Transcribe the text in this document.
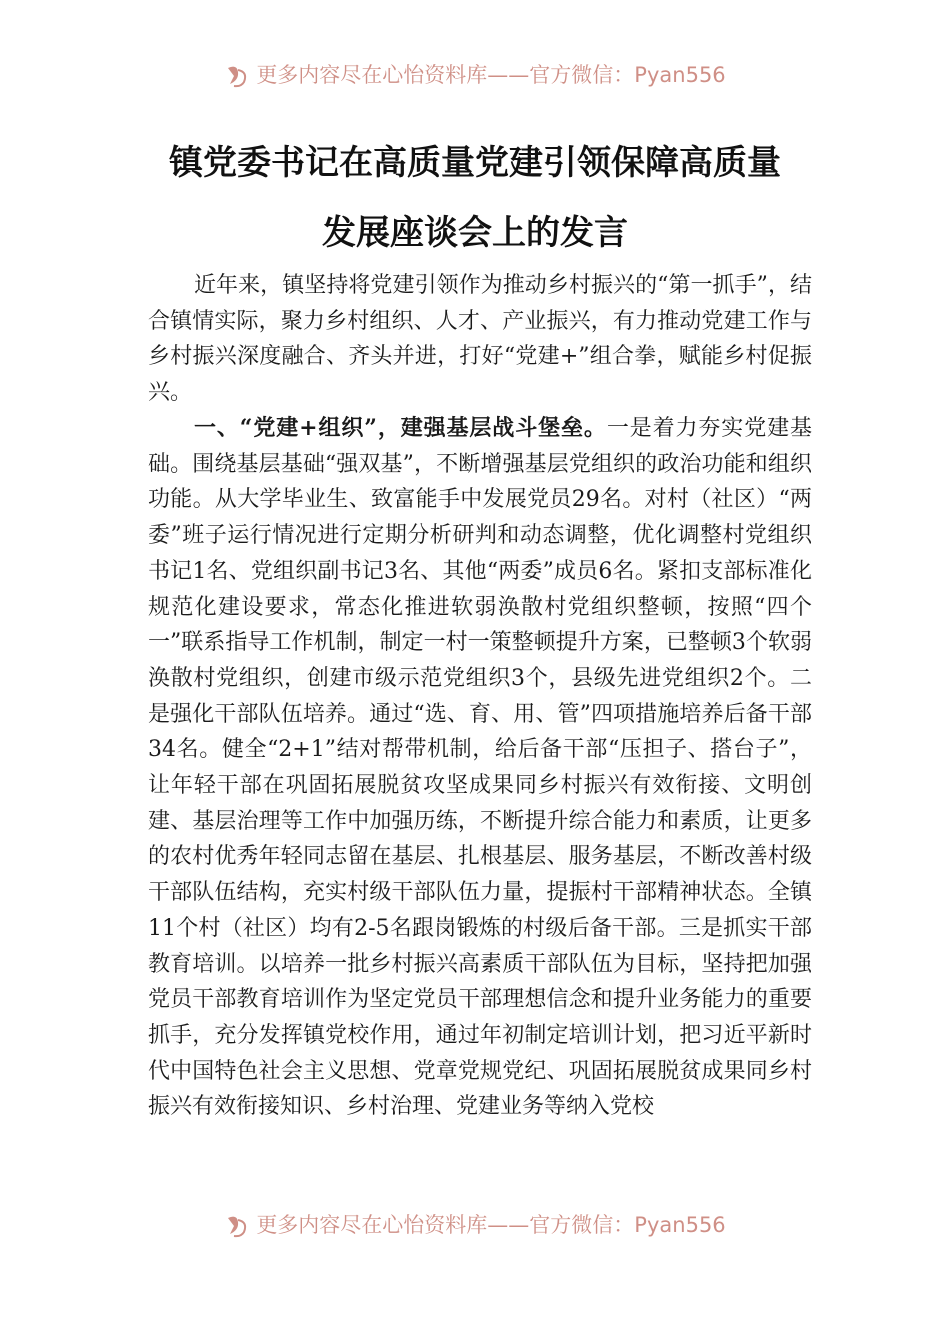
更多内容尽在心怡资料库——官方微信：Pyan556
镇党委书记在高质量党建引领保障高质量
发展座谈会上的发言

近年来，镇坚持将党建引领作为推动乡村振兴的“第一抓手”，结合镇情实际，聚力乡村组织、人才、产业振兴，有力推动党建工作与乡村振兴深度融合、齐头并进，打好“党建+”组合拳，赋能乡村促振兴。

一、“党建+组织”，建强基层战斗堡垒。一是着力夯实党建基础。围绕基层基础“强双基”，不断增强基层党组织的政治功能和组织功能。从大学毕业生、致富能手中发展党员29名。对村（社区）“两委”班子运行情况进行定期分析研判和动态调整，优化调整村党组织书记1名、党组织副书记3名、其他“两委”成员6名。紧扣支部标准化规范化建设要求，常态化推进软弱涣散村党组织整顿，按照“四个一”联系指导工作机制，制定一村一策整顿提升方案，已整顿3个软弱涣散村党组织，创建市级示范党组织3个，县级先进党组织2个。二是强化干部队伍培养。通过“选、育、用、管”四项措施培养后备干部34名。健全“2+1”结对帮带机制，给后备干部“压担子、搭台子”，让年轻干部在巩固拓展脱贫攻坚成果同乡村振兴有效衔接、文明创建、基层治理等工作中加强历练，不断提升综合能力和素质，让更多的农村优秀年轻同志留在基层、扎根基层、服务基层，不断改善村级干部队伍结构，充实村级干部队伍力量，提振村干部精神状态。全镇11个村（社区）均有2-5名跟岗锻炼的村级后备干部。三是抓实干部教育培训。以培养一批乡村振兴高素质干部队伍为目标，坚持把加强党员干部教育培训作为坚定党员干部理想信念和提升业务能力的重要抓手，充分发挥镇党校作用，通过年初制定培训计划，把习近平新时代中国特色社会主义思想、党章党规党纪、巩固拓展脱贫成果同乡村振兴有效衔接知识、乡村治理、党建业务等纳入党校

更多内容尽在心怡资料库——官方微信：Pyan556
